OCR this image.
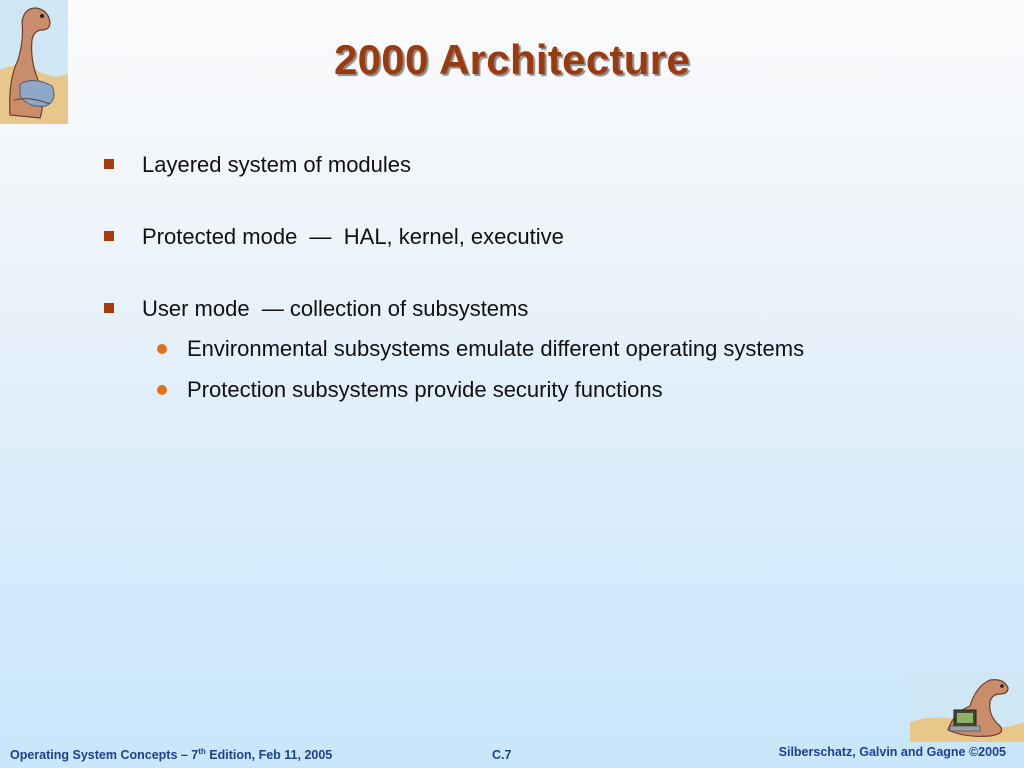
2000 Architecture
Layered system of modules
Protected mode  —  HAL, kernel, executive
User mode  — collection of subsystems
Environmental subsystems emulate different operating systems
Protection subsystems provide security functions
Operating System Concepts – 7th Edition, Feb 11, 2005	C.7	Silberschatz, Galvin and Gagne ©2005
